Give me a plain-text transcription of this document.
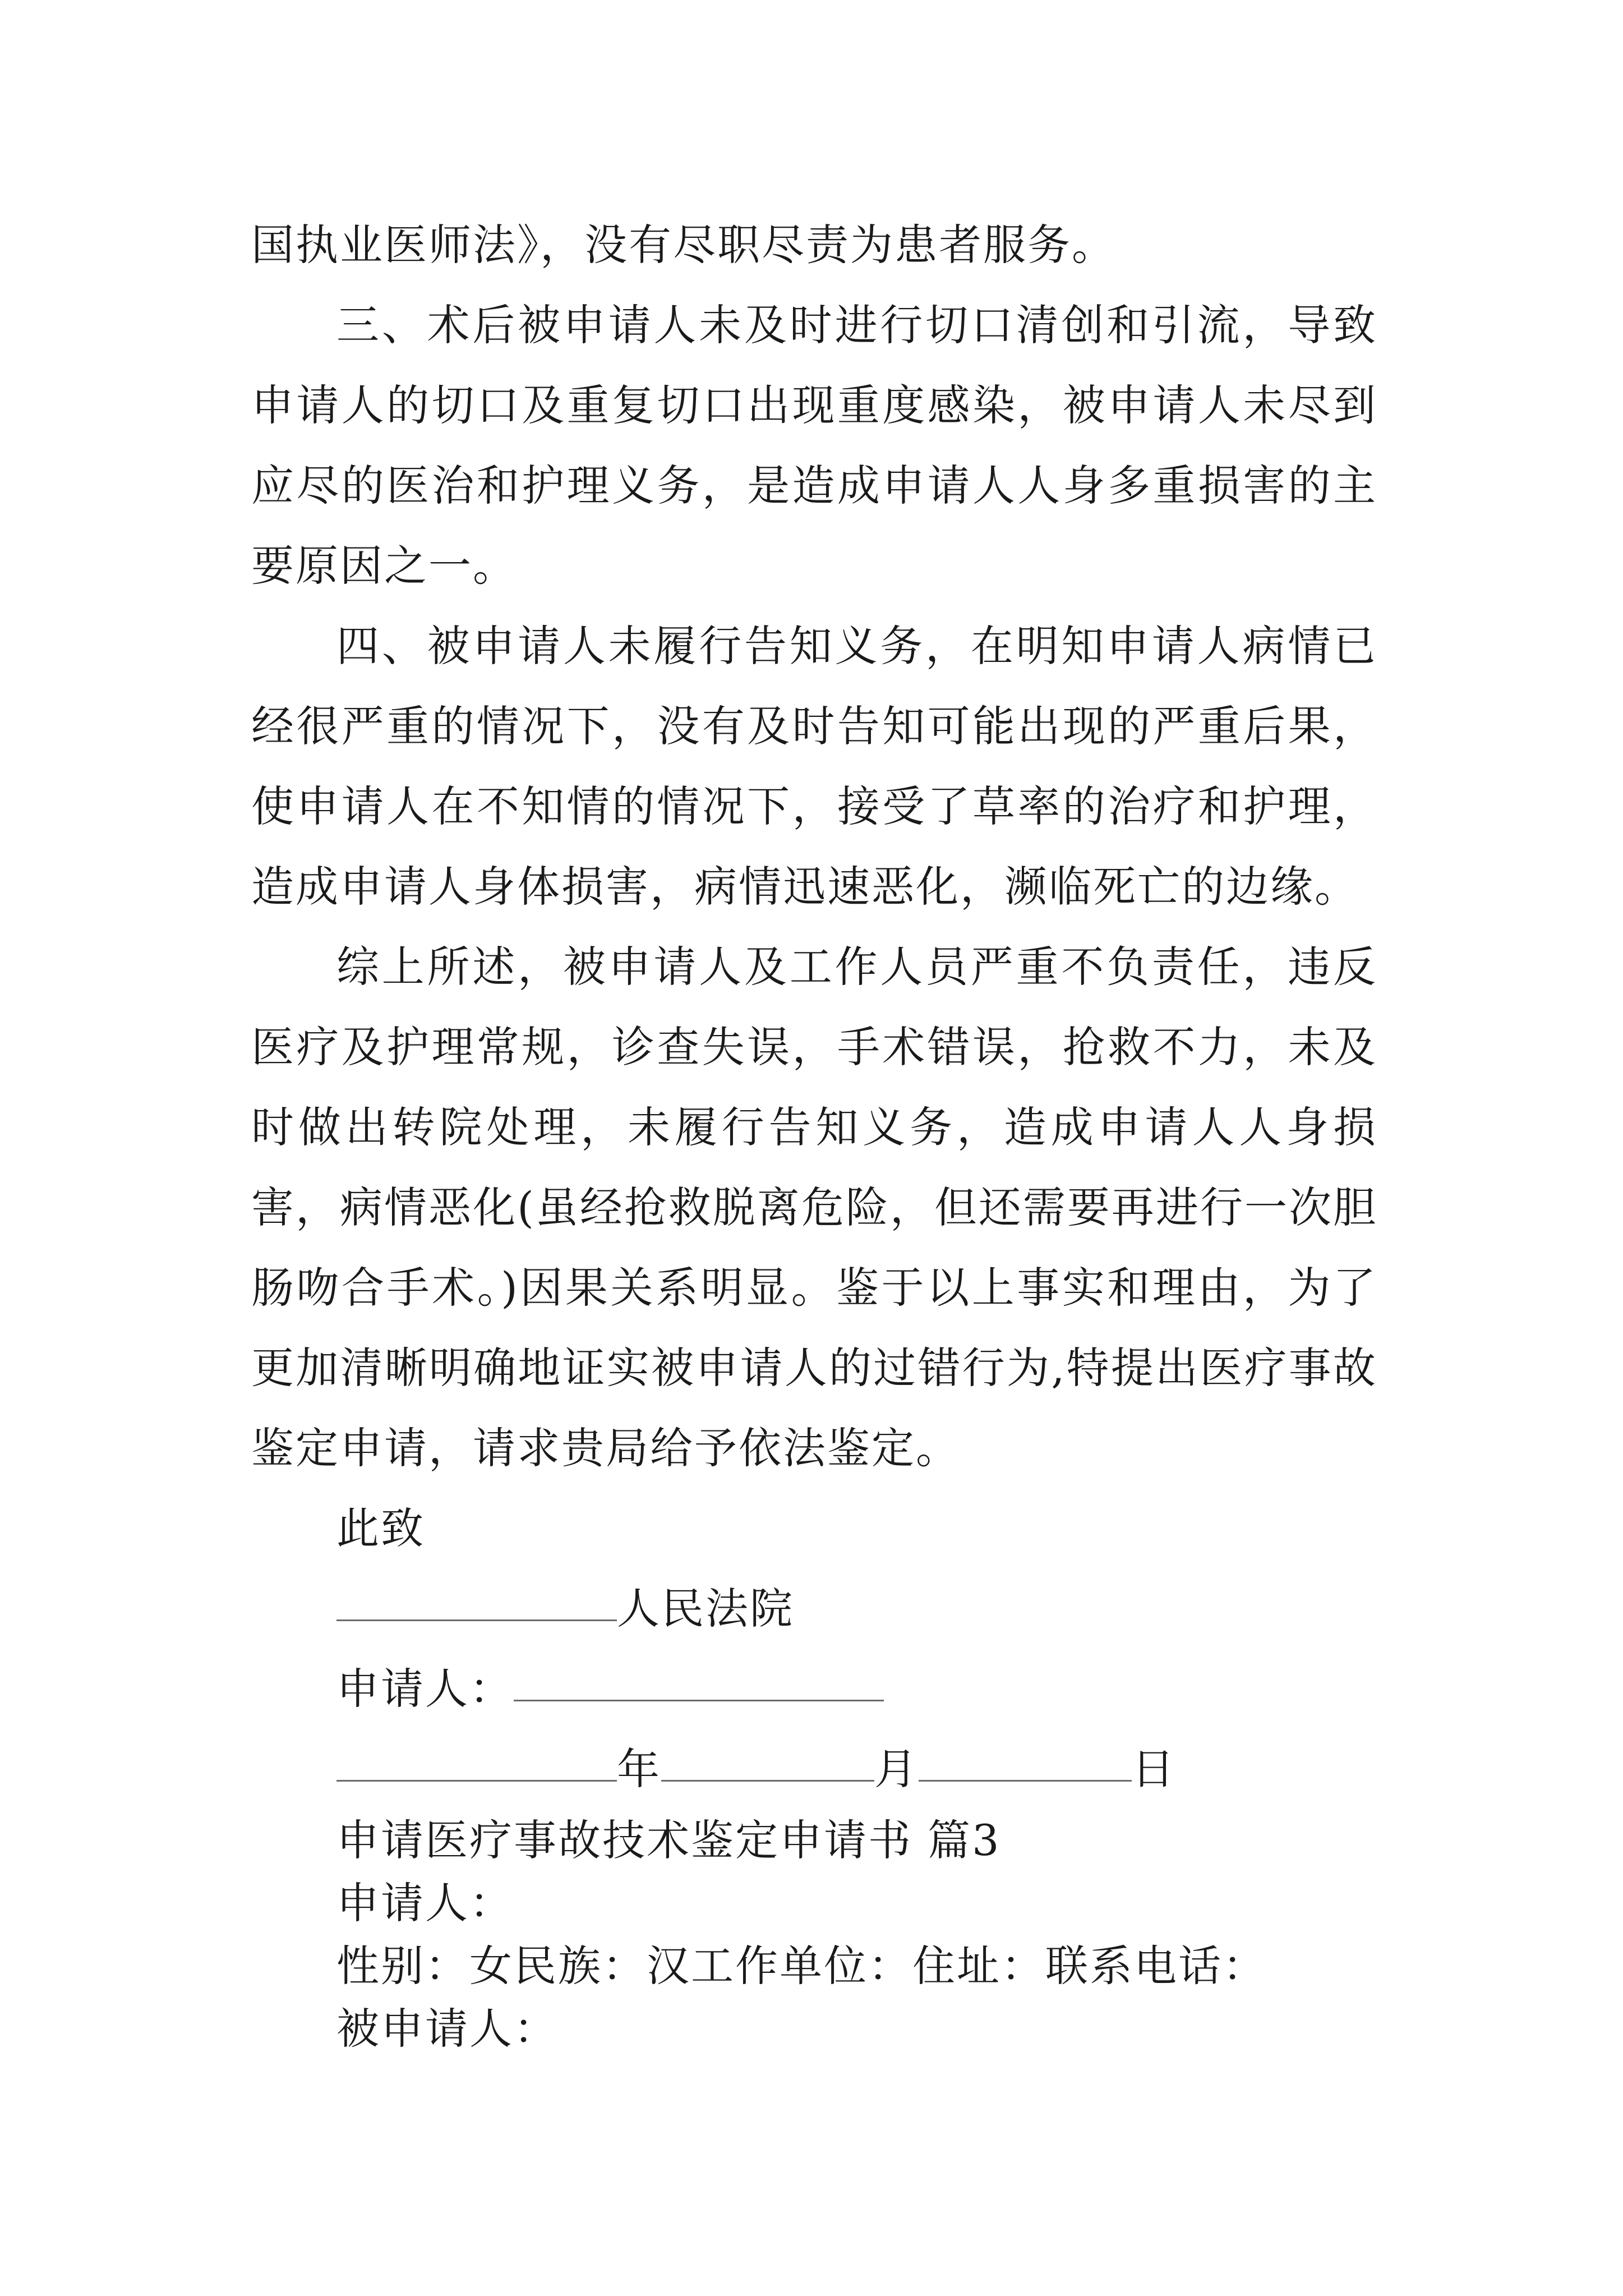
国执业医师法》，没有尽职尽责为患者服务。

三、术后被申请人未及时进行切口清创和引流，导致申请人的切口及重复切口出现重度感染，被申请人未尽到应尽的医治和护理义务，是造成申请人人身多重损害的主要原因之一。

四、被申请人未履行告知义务，在明知申请人病情已经很严重的情况下，没有及时告知可能出现的严重后果，使申请人在不知情的情况下，接受了草率的治疗和护理，造成申请人身体损害，病情迅速恶化，濒临死亡的边缘。

综上所述，被申请人及工作人员严重不负责任，违反医疗及护理常规，诊查失误，手术错误，抢救不力，未及时做出转院处理，未履行告知义务，造成申请人人身损害，病情恶化(虽经抢救脱离危险，但还需要再进行一次胆肠吻合手术。)因果关系明显。鉴于以上事实和理由，为了更加清晰明确地证实被申请人的过错行为,特提出医疗事故鉴定申请，请求贵局给予依法鉴定。

此致

人民法院

申请人：

年	月	日

申请医疗事故技术鉴定申请书 篇3

申请人：

性别：女民族：汉工作单位：住址：联系电话：

被申请人：
